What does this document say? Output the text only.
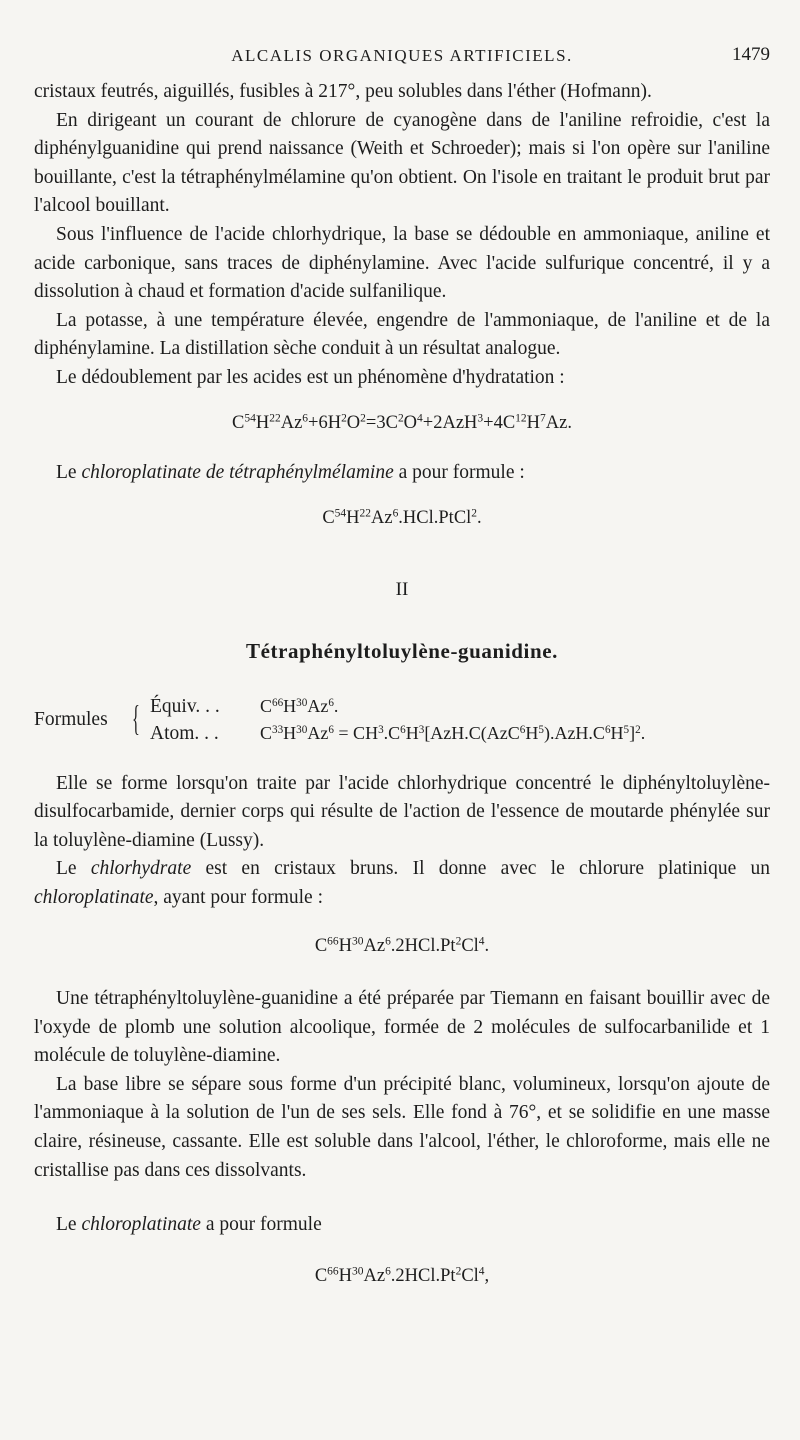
ALCALIS ORGANIQUES ARTIFICIELS.	1479

cristaux feutrés, aiguillés, fusibles à 217°, peu solubles dans l'éther (Hofmann).

En dirigeant un courant de chlorure de cyanogène dans de l'aniline refroidie, c'est la diphénylguanidine qui prend naissance (Weith et Schroeder); mais si l'on opère sur l'aniline bouillante, c'est la tétraphénylmélamine qu'on obtient. On l'isole en traitant le produit brut par l'alcool bouillant.

Sous l'influence de l'acide chlorhydrique, la base se dédouble en ammoniaque, aniline et acide carbonique, sans traces de diphénylamine. Avec l'acide sulfurique concentré, il y a dissolution à chaud et formation d'acide sulfanilique.

La potasse, à une température élevée, engendre de l'ammoniaque, de l'aniline et de la diphénylamine. La distillation sèche conduit à un résultat analogue.

Le dédoublement par les acides est un phénomène d'hydratation :

$C^{54}H^{22}Az^6+6H^2O^2=3C^2O^4+2AzH^3+4C^{12}H^7Az$.

Le chloroplatinate de tétraphénylmélamine a pour formule :

$C^{54}H^{22}Az^6.HCl.PtCl^2$.
II
Tétraphényltoluylène-guanidine.
Formules { Équiv. . . $C^{66}H^{30}Az^6$.
Atom. . . $C^{33}H^{30}Az^6 = CH^3.C^6H^3[AzH.C(AzC^6H^5).AzH.C^6H^5]^2$.

Elle se forme lorsqu'on traite par l'acide chlorhydrique concentré le diphényltoluylène-disulfocarbamide, dernier corps qui résulte de l'action de l'essence de moutarde phénylée sur la toluylène-diamine (Lussy).

Le chlorhydrate est en cristaux bruns. Il donne avec le chlorure platinique un chloroplatinate, ayant pour formule :

$C^{66}H^{30}Az^6.2HCl.Pt^2Cl^4$.

Une tétraphényltoluylène-guanidine a été préparée par Tiemann en faisant bouillir avec de l'oxyde de plomb une solution alcoolique, formée de 2 molécules de sulfocarbanilide et 1 molécule de toluylène-diamine.

La base libre se sépare sous forme d'un précipité blanc, volumineux, lorsqu'on ajoute de l'ammoniaque à la solution de l'un de ses sels. Elle fond à 76°, et se solidifie en une masse claire, résineuse, cassante. Elle est soluble dans l'alcool, l'éther, le chloroforme, mais elle ne cristallise pas dans ces dissolvants.

Le chloroplatinate a pour formule

$C^{66}H^{30}Az^6.2HCl.Pt^2Cl^4$,
